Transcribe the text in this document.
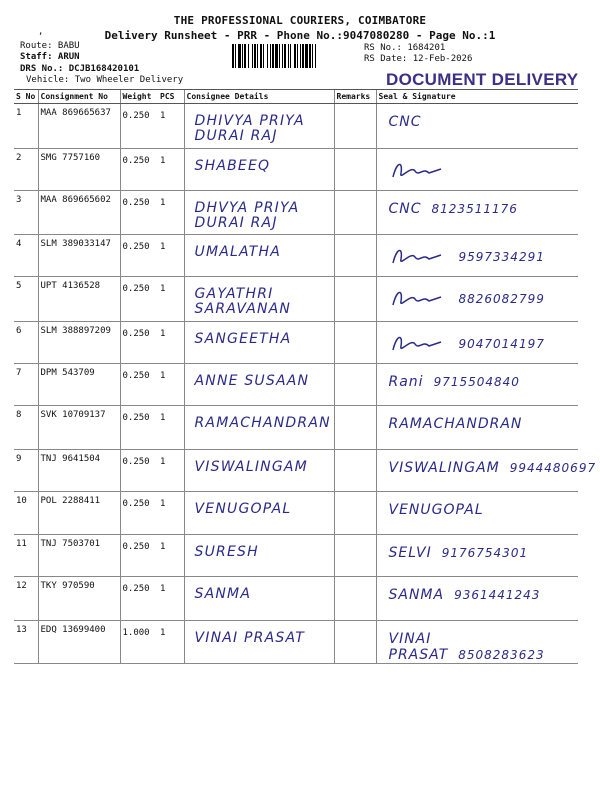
THE PROFESSIONAL COURIERS, COIMBATORE
Delivery Runsheet - PRR - Phone No.:9047080280 - Page No.:1
,
Route: BABU
Staff: ARUN
DRS No.: DCJB168420101
Vehicle: Two Wheeler Delivery
RS No.: 1684201
RS Date: 12-Feb-2026
DOCUMENT DELIVERY
S No	Consignment No	Weight	PCS	Consignee Details	Remarks	Seal & Signature

1	MAA 869665637	0.250	1	DHIVYA PRIYA DURAI RAJ		CNC

2	SMG 7757160	0.250	1	SHABEEQ

3	MAA 869665602	0.250	1	DHVYA PRIYA DURAI RAJ		CNC 8123511176

4	SLM 389033147	0.250	1	UMALATHA		9597334291

5	UPT 4136528	0.250	1	GAYATHRI SARAVANAN		8826082799

6	SLM 388897209	0.250	1	SANGEETHA		9047014197

7	DPM 543709	0.250	1	ANNE SUSAAN		Rani 9715504840

8	SVK 10709137	0.250	1	RAMACHANDRAN		RAMACHANDRAN

9	TNJ 9641504	0.250	1	VISWALINGAM		VISWALINGAM 9944480697

10	POL 2288411	0.250	1	VENUGOPAL		VENUGOPAL

11	TNJ 7503701	0.250	1	SURESH		SELVI 9176754301

12	TKY 970590	0.250	1	SANMA		SANMA 9361441243

13	EDQ 13699400	1.000	1	VINAI PRASAT		VINAI PRASAT 8508283623
